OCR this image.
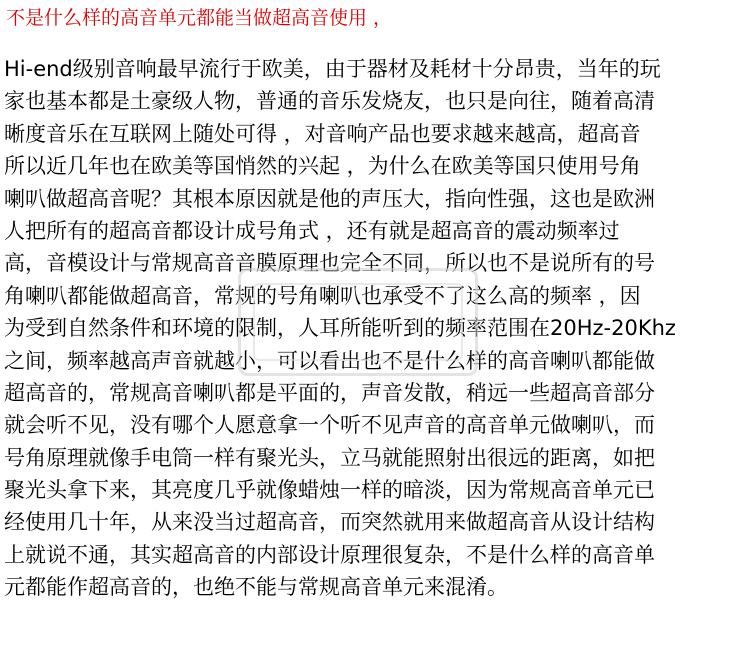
不是什么样的高音单元都能当做超高音使用 ，
Hi-end级别音响最早流行于欧美，由于器材及耗材十分昂贵，当年的玩
家也基本都是土豪级人物，普通的音乐发烧友，也只是向往，随着高清
晰度音乐在互联网上随处可得 ，对音响产品也要求越来越高，超高音
所以近几年也在欧美等国悄然的兴起 ，为什么在欧美等国只使用号角
喇叭做超高音呢？其根本原因就是他的声压大，指向性强，这也是欧洲
人把所有的超高音都设计成号角式 ，还有就是超高音的震动频率过
高，音模设计与常规高音音膜原理也完全不同，所以也不是说所有的号
角喇叭都能做超高音，常规的号角喇叭也承受不了这么高的频率 ，因
为受到自然条件和环境的限制，人耳所能听到的频率范围在20Hz-20Khz
之间，频率越高声音就越小，可以看出也不是什么样的高音喇叭都能做
超高音的，常规高音喇叭都是平面的，声音发散，稍远一些超高音部分
就会听不见，没有哪个人愿意拿一个听不见声音的高音单元做喇叭，而
号角原理就像手电筒一样有聚光头，立马就能照射出很远的距离，如把
聚光头拿下来，其亮度几乎就像蜡烛一样的暗淡，因为常规高音单元已
经使用几十年，从来没当过超高音，而突然就用来做超高音从设计结构
上就说不通，其实超高音的内部设计原理很复杂，不是什么样的高音单
元都能作超高音的，也绝不能与常规高音单元来混淆。
